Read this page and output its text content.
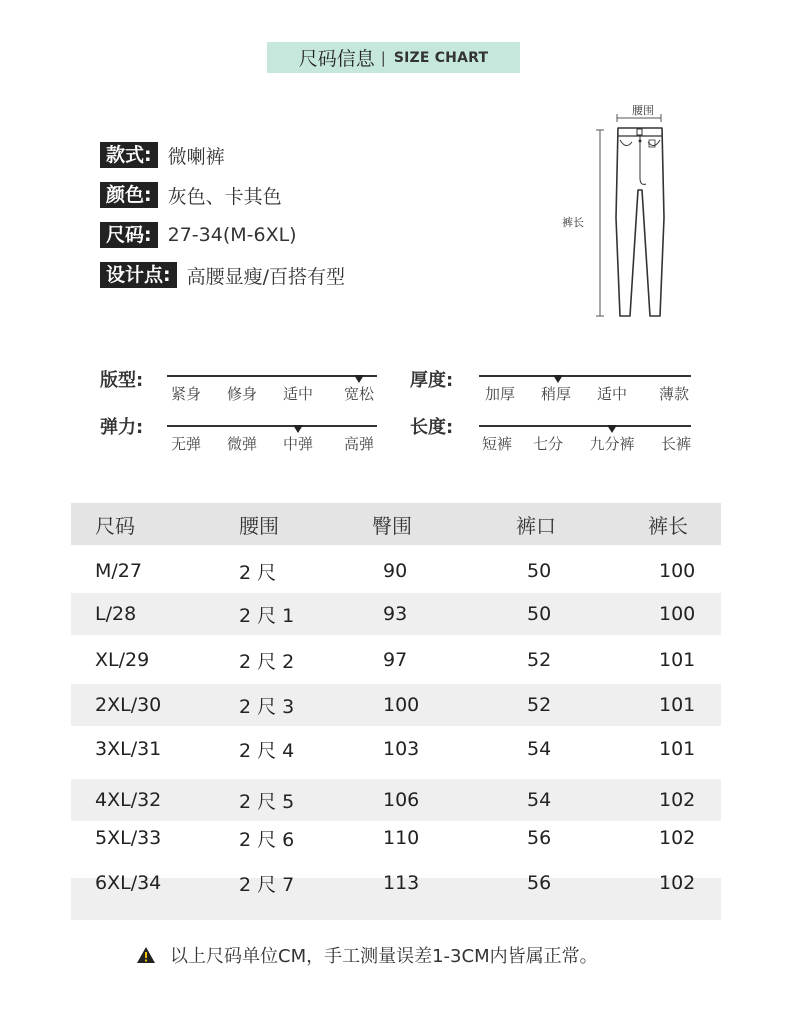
尺码信息 | SIZE CHART
款式: 微喇裤
颜色: 灰色、卡其色
尺码: 27-34(M-6XL)
设计点: 高腰显瘦/百搭有型
腰围
裤长
版型:
紧身 修身 适中 宽松
厚度:
加厚 稍厚 适中 薄款
弹力:
无弹 微弹 中弹 高弹
长度:
短裤 七分 九分裤 长裤
尺码	腰围	臀围	裤口	裤长
M/27	2 尺	90	50	100
L/28	2 尺 1	93	50	100
XL/29	2 尺 2	97	52	101
2XL/30	2 尺 3	100	52	101
3XL/31	2 尺 4	103	54	101
4XL/32	2 尺 5	106	54	102
5XL/33	2 尺 6	110	56	102
6XL/34	2 尺 7	113	56	102
以上尺码单位CM，手工测量误差1-3CM内皆属正常。
